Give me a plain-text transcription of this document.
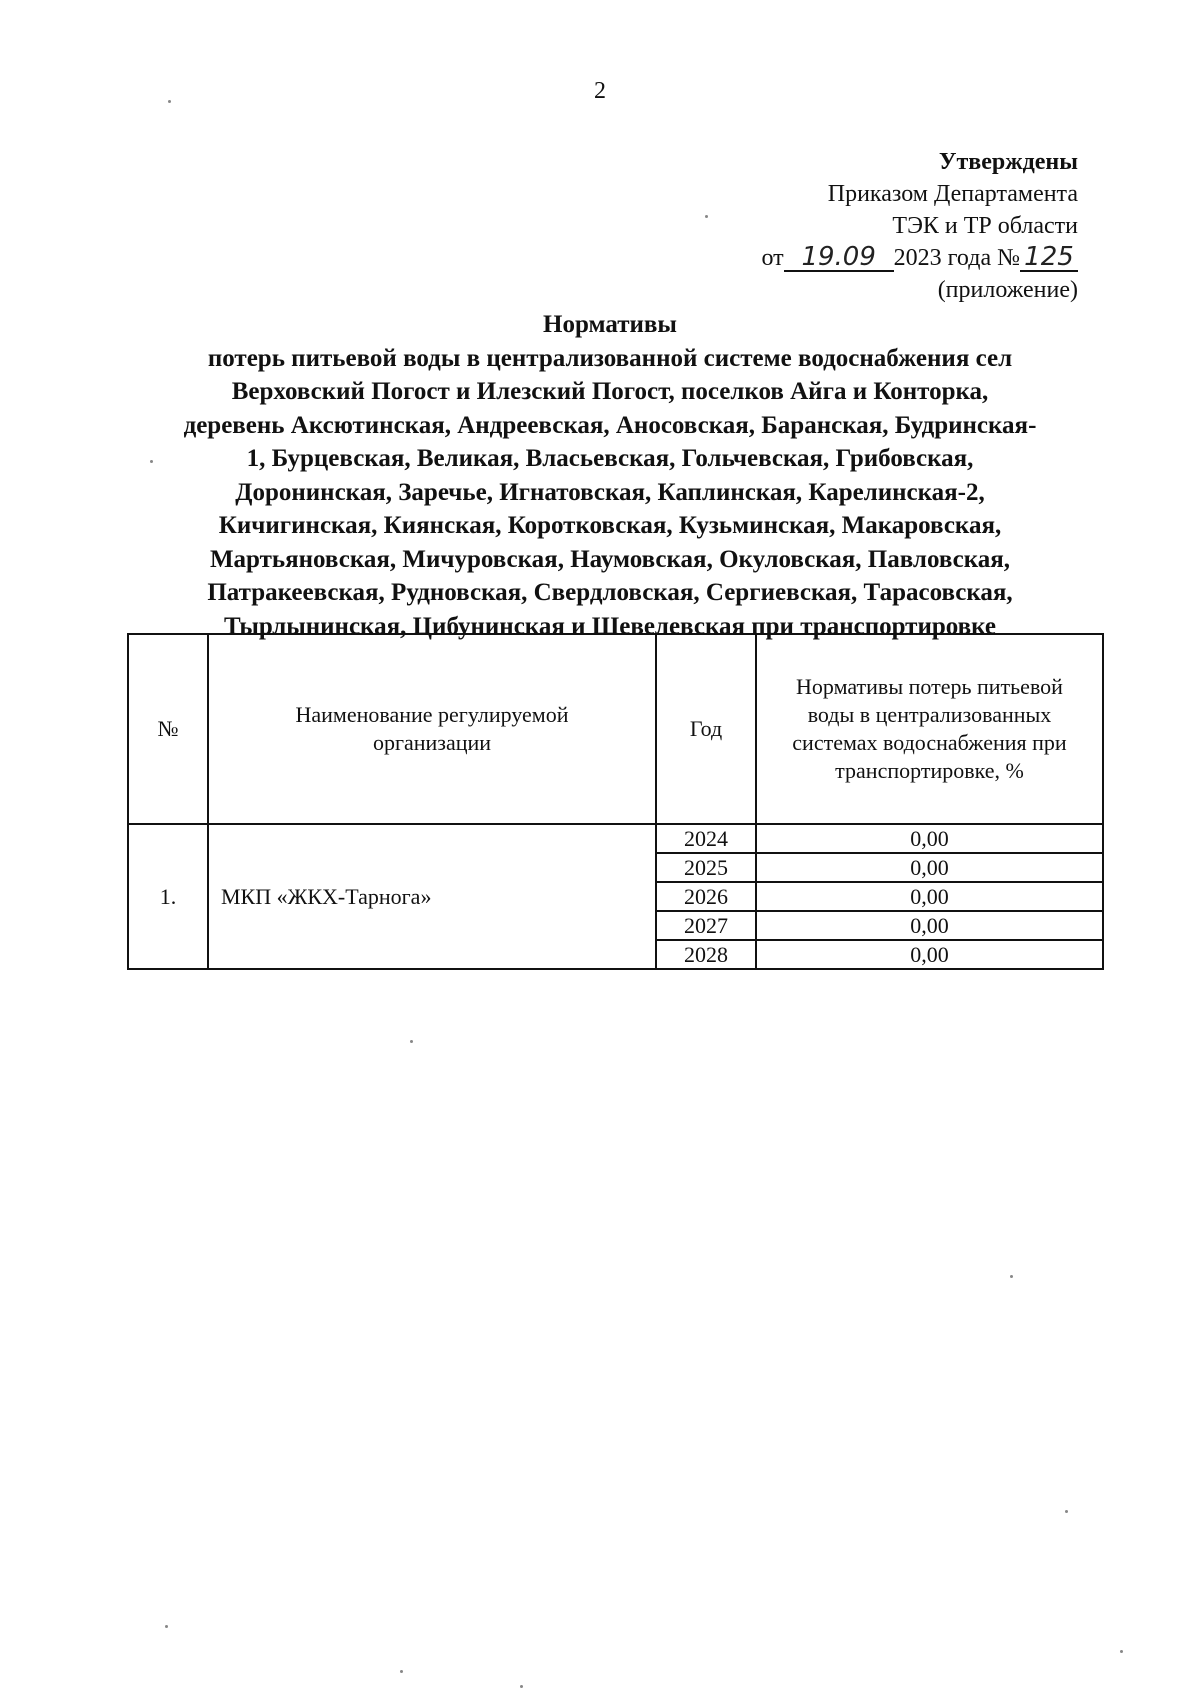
2
Утверждены
Приказом Департамента
ТЭК и ТР области
от 19.09 2023 года № 125
(приложение)
Нормативы
потерь питьевой воды в централизованной системе водоснабжения сел
Верховский Погост и Илезский Погост, поселков Айга и Конторка,
деревень Аксютинская, Андреевская, Аносовская, Баранская, Будринская-
1, Бурцевская, Великая, Власьевская, Гольчевская, Грибовская,
Доронинская, Заречье, Игнатовская, Каплинская, Карелинская-2,
Кичигинская, Киянская, Коротковская, Кузьминская, Макаровская,
Мартьяновская, Мичуровская, Наумовская, Окуловская, Павловская,
Патракеевская, Рудновская, Свердловская, Сергиевская, Тарасовская,
Тырлынинская, Цибунинская и Шевелевская при транспортировке
№	Наименование регулируемой организации	Год	Нормативы потерь питьевой воды в централизованных системах водоснабжения при транспортировке, %
1.	МКП «ЖКХ-Тарнога»	2024	0,00
		2025	0,00
		2026	0,00
		2027	0,00
		2028	0,00
